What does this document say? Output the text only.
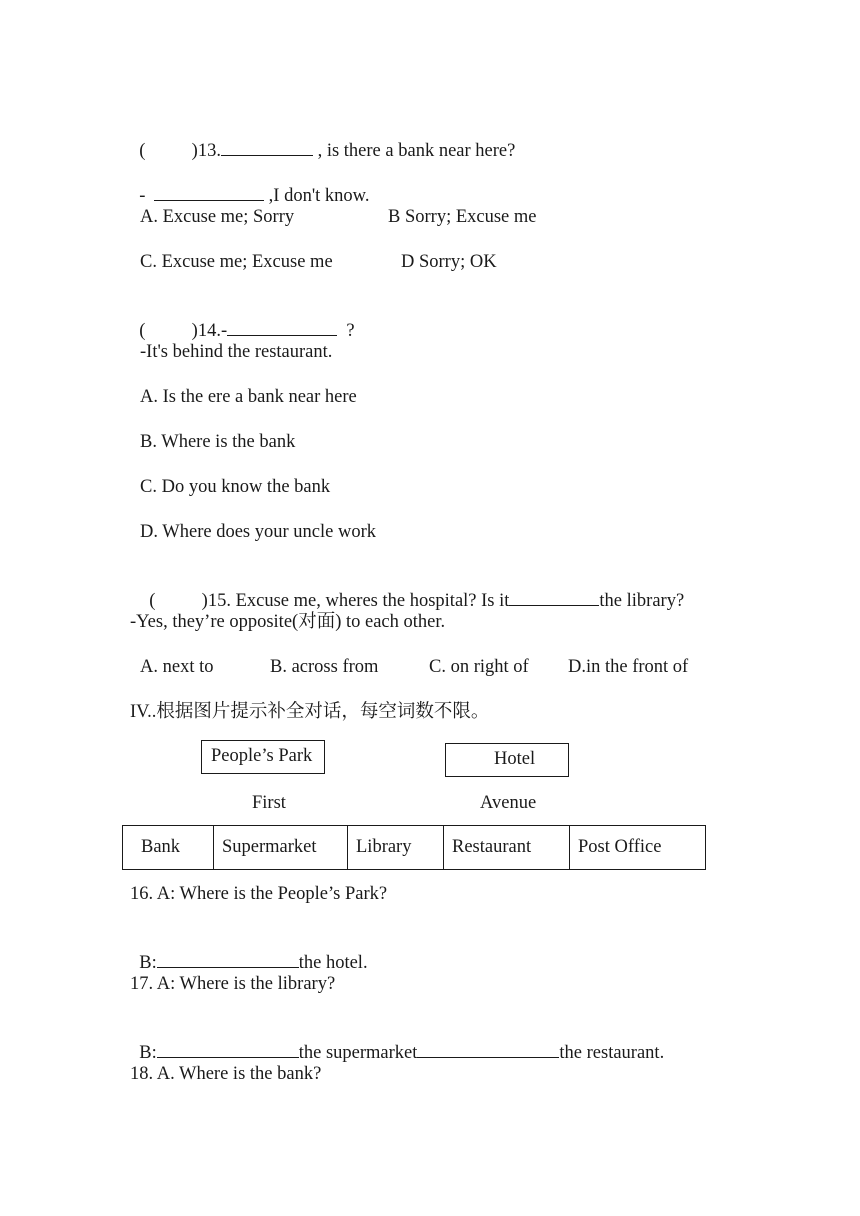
(          )13.	, is there a bank near here?

-	,I don't know.

A. Excuse me; Sorry	B Sorry; Excuse me
C. Excuse me; Excuse me	D Sorry; OK

(          )14.-	?

-It's behind the restaurant.
A. Is the ere a bank near here
B. Where is the bank
C. Do you know the bank
D. Where does your uncle work

(          )15. Excuse me, wheres the hospital? Is it	the library?

-Yes, they’re opposite(对面) to each other.
A. next to	B. across from	C. on right of D.in the front of
IV..根据图片提示补全对话，每空词数不限。
People’s Park	Hotel
First	Avenue
Bank	Supermarket	Library	Restaurant	Post Office
16. A: Where is the People’s Park?

B:	the hotel.

17. A: Where is the library?

B:	the supermarket	the restaurant.

18. A. Where is the bank?
